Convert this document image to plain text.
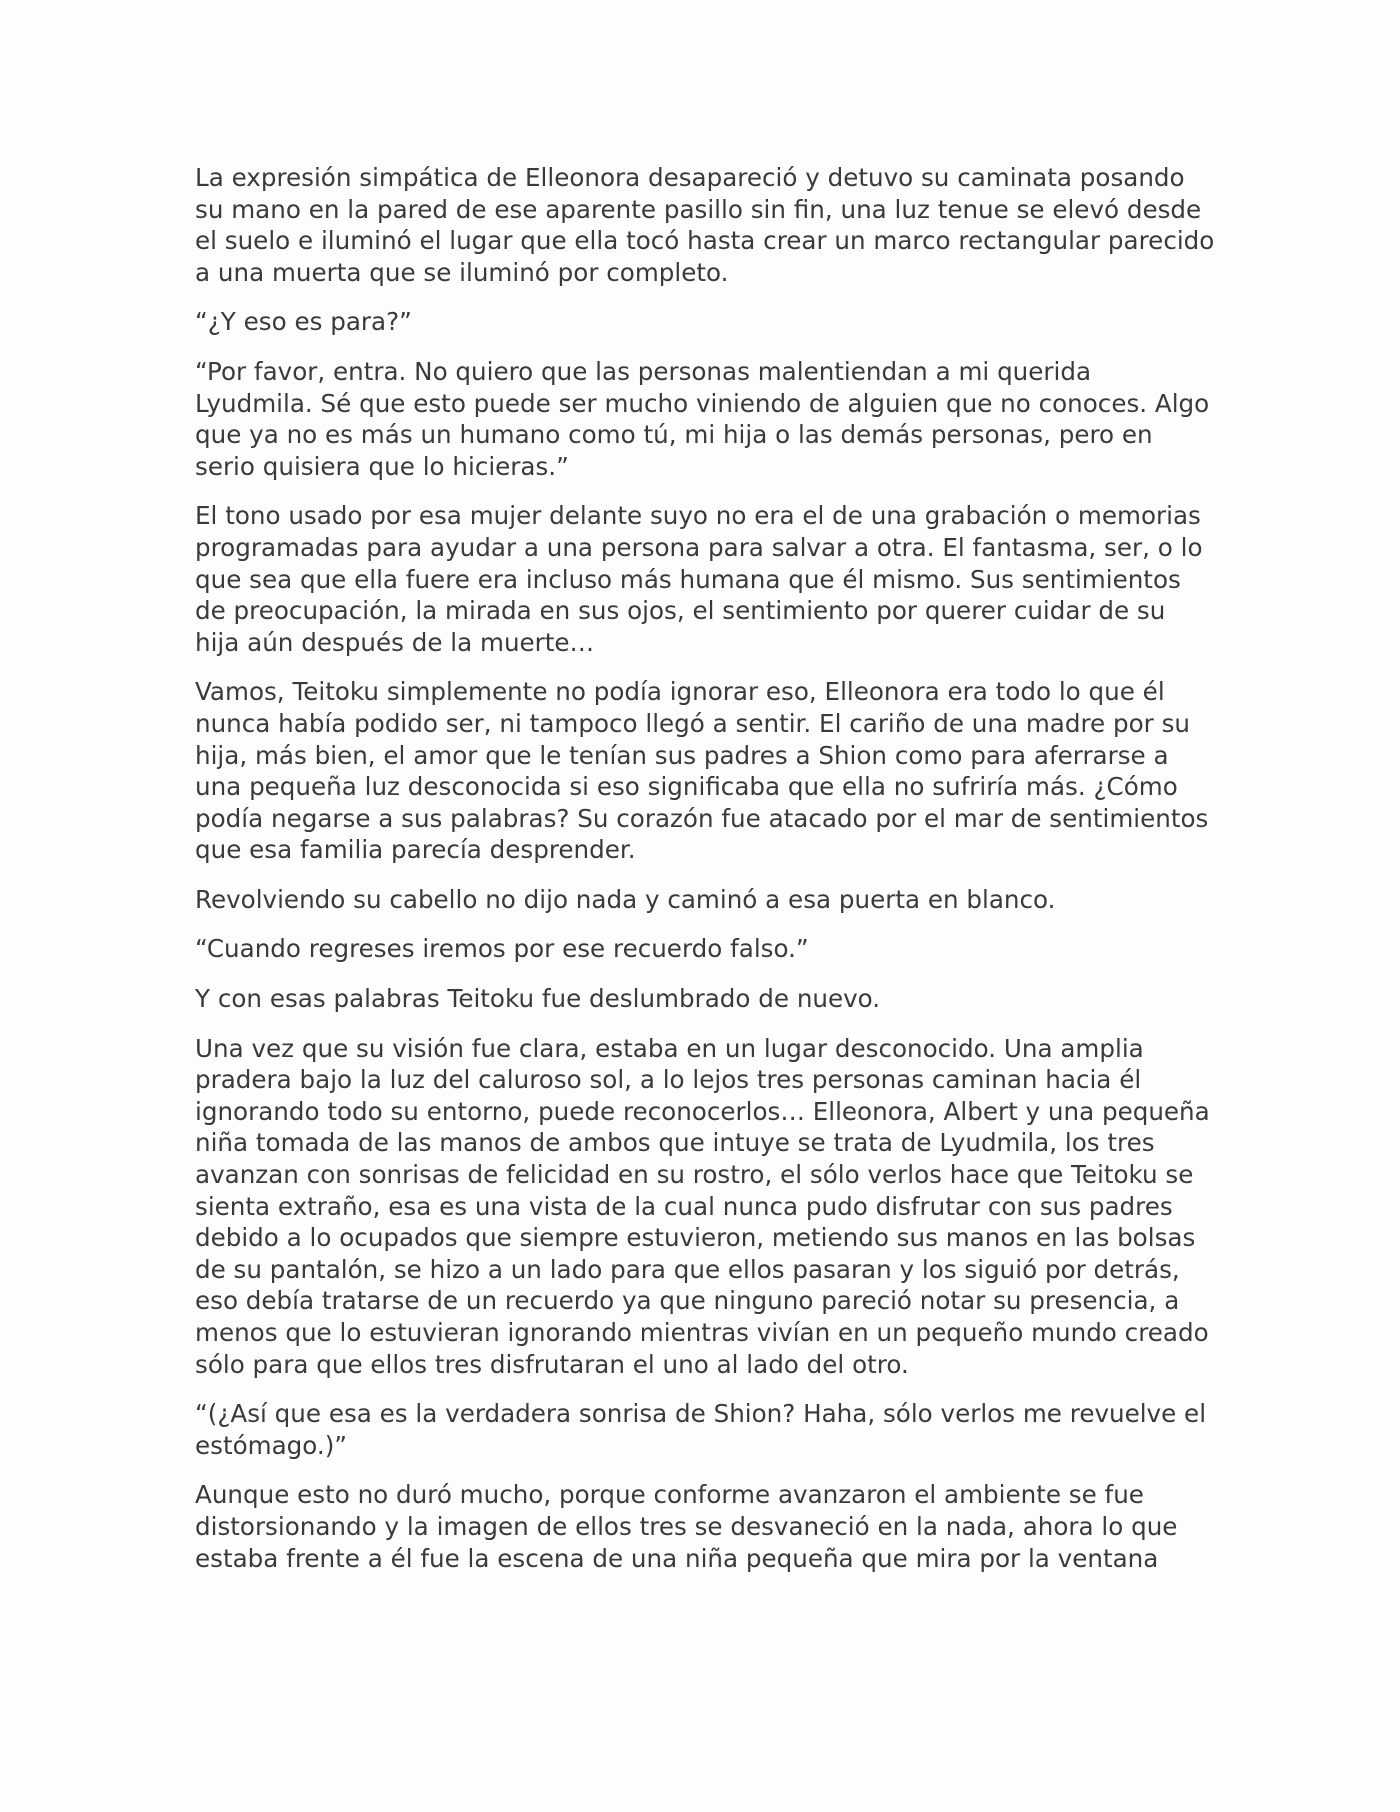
La expresión simpática de Elleonora desapareció y detuvo su caminata posando su mano en la pared de ese aparente pasillo sin fin, una luz tenue se elevó desde el suelo e iluminó el lugar que ella tocó hasta crear un marco rectangular parecido a una muerta que se iluminó por completo.

“¿Y eso es para?”

“Por favor, entra. No quiero que las personas malentiendan a mi querida Lyudmila. Sé que esto puede ser mucho viniendo de alguien que no conoces. Algo que ya no es más un humano como tú, mi hija o las demás personas, pero en serio quisiera que lo hicieras.”

El tono usado por esa mujer delante suyo no era el de una grabación o memorias programadas para ayudar a una persona para salvar a otra. El fantasma, ser, o lo que sea que ella fuere era incluso más humana que él mismo. Sus sentimientos de preocupación, la mirada en sus ojos, el sentimiento por querer cuidar de su hija aún después de la muerte…

Vamos, Teitoku simplemente no podía ignorar eso, Elleonora era todo lo que él nunca había podido ser, ni tampoco llegó a sentir. El cariño de una madre por su hija, más bien, el amor que le tenían sus padres a Shion como para aferrarse a una pequeña luz desconocida si eso significaba que ella no sufriría más. ¿Cómo podía negarse a sus palabras? Su corazón fue atacado por el mar de sentimientos que esa familia parecía desprender.

Revolviendo su cabello no dijo nada y caminó a esa puerta en blanco.

“Cuando regreses iremos por ese recuerdo falso.”

Y con esas palabras Teitoku fue deslumbrado de nuevo.

Una vez que su visión fue clara, estaba en un lugar desconocido. Una amplia pradera bajo la luz del caluroso sol, a lo lejos tres personas caminan hacia él ignorando todo su entorno, puede reconocerlos… Elleonora, Albert y una pequeña niña tomada de las manos de ambos que intuye se trata de Lyudmila, los tres avanzan con sonrisas de felicidad en su rostro, el sólo verlos hace que Teitoku se sienta extraño, esa es una vista de la cual nunca pudo disfrutar con sus padres debido a lo ocupados que siempre estuvieron, metiendo sus manos en las bolsas de su pantalón, se hizo a un lado para que ellos pasaran y los siguió por detrás, eso debía tratarse de un recuerdo ya que ninguno pareció notar su presencia, a menos que lo estuvieran ignorando mientras vivían en un pequeño mundo creado sólo para que ellos tres disfrutaran el uno al lado del otro.

“(¿Así que esa es la verdadera sonrisa de Shion? Haha, sólo verlos me revuelve el estómago.)”

Aunque esto no duró mucho, porque conforme avanzaron el ambiente se fue distorsionando y la imagen de ellos tres se desvaneció en la nada, ahora lo que estaba frente a él fue la escena de una niña pequeña que mira por la ventana
